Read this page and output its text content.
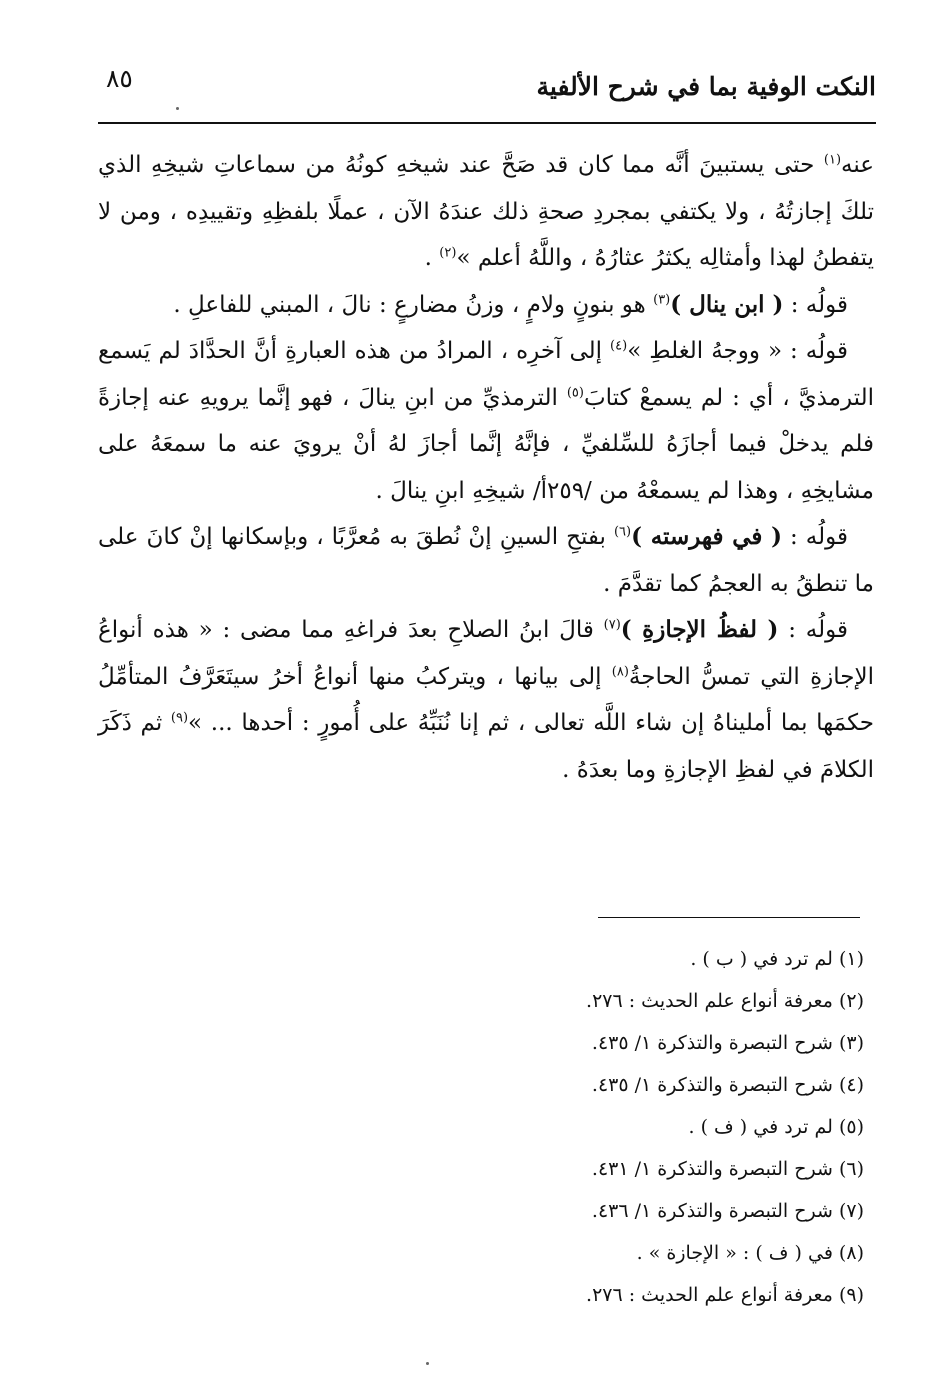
النكت الوفية بما في شرح الألفية
٨٥

عنه$^{(١)}$ حتى يستبينَ أنَّه مما كان قد صَحَّ عند شيخهِ كونُهُ من سماعاتِ شيخِهِ الذي تلكَ إجازتُهُ ، ولا يكتفي بمجردِ صحةِ ذلك عندَهُ الآن ، عملًا بلفظِهِ وتقييدِه ، ومن لا يتفطنُ لهذا وأمثالِه يكثرُ عثارُهُ ، واللَّهُ أعلم »$^{(٢)}$ .

قولُه : ( ابن ينال )$^{(٣)}$ هو بنونٍ ولامٍ ، وزنُ مضارعٍ : نالَ ، المبني للفاعلِ .

قولُه : « ووجهُ الغلطِ »$^{(٤)}$ إلى آخرِه ، المرادُ من هذه العبارةِ أنَّ الحدَّادَ لم يَسمع الترمذيَّ ، أي : لم يسمعْ كتابَ$^{(٥)}$ الترمذيِّ من ابنِ ينالَ ، فهو إنَّما يرويهِ عنه إجازةً فلم يدخلْ فيما أجازَهُ للسِّلفيِّ ، فإنَّهُ إنَّما أجازَ لهُ أنْ يرويَ عنه ما سمعَهُ على مشايخِهِ ، وهذا لم يسمعْهُ من /٢٥٩أ/ شيخِهِ ابنِ ينالَ .

قولُه : ( في فهرسته )$^{(٦)}$ بفتحِ السينِ إنْ نُطقَ به مُعرَّبًا ، وبإسكانها إنْ كانَ على ما تنطقُ به العجمُ كما تقدَّمَ .

قولُه : ( لفظُ الإجازةِ )$^{(٧)}$ قالَ ابنُ الصلاحِ بعدَ فراغهِ مما مضى : « هذه أنواعُ الإجازةِ التي تمسُّ الحاجةُ$^{(٨)}$ إلى بيانها ، ويتركبُ منها أنواعُ أخرُ سيتَعَرَّفُ المتأمِّلُ حكمَها بما أمليناهُ إن شاء اللَّه تعالى ، ثم إنا نُنَبِّهُ على أُمورٍ : أحدها ... »$^{(٩)}$ ثم ذَكَرَ الكلامَ في لفظِ الإجازةِ وما بعدَهُ .

(١) لم ترد في ( ب ) .
(٢) معرفة أنواع علم الحديث : ٢٧٦.
(٣) شرح التبصرة والتذكرة ١/ ٤٣٥.
(٤) شرح التبصرة والتذكرة ١/ ٤٣٥.
(٥) لم ترد في ( ف ) .
(٦) شرح التبصرة والتذكرة ١/ ٤٣١.
(٧) شرح التبصرة والتذكرة ١/ ٤٣٦.
(٨) في ( ف ) : « الإجازة » .
(٩) معرفة أنواع علم الحديث : ٢٧٦.
